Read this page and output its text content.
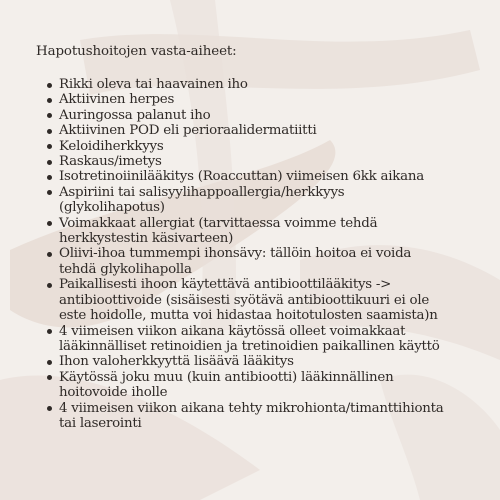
Hapotushoitojen vasta-aiheet:
Rikki oleva tai haavainen iho
Aktiivinen herpes
Auringossa palanut iho
Aktiivinen POD eli perioraalidermatiitti
Keloidiherkkyys
Raskaus/imetys
Isotretinoiinilääkitys (Roaccuttan) viimeisen 6kk aikana
Aspiriini tai salisyylihappoallergia/herkkyys
(glykolihapotus)
Voimakkaat allergiat (tarvittaessa voimme tehdä
herkkystestin käsivarteen)
Oliivi-ihoa tummempi ihonsävy: tällöin hoitoa ei voida
tehdä glykolihapolla
Paikallisesti ihoon käytettävä antibioottilääkitys ->
antibioottivoide (sisäisesti syötävä antibioottikuuri ei ole
este hoidolle, mutta voi hidastaa hoitotulosten saamista)n
4 viimeisen viikon aikana käytössä olleet voimakkaat
lääkinnälliset retinoidien ja tretinoidien paikallinen käyttö
Ihon valoherkkyyttä lisäävä lääkitys
Käytössä joku muu (kuin antibiootti) lääkinnällinen
hoitovoide iholle
4 viimeisen viikon aikana tehty mikrohionta/timanttihionta
tai laserointi
